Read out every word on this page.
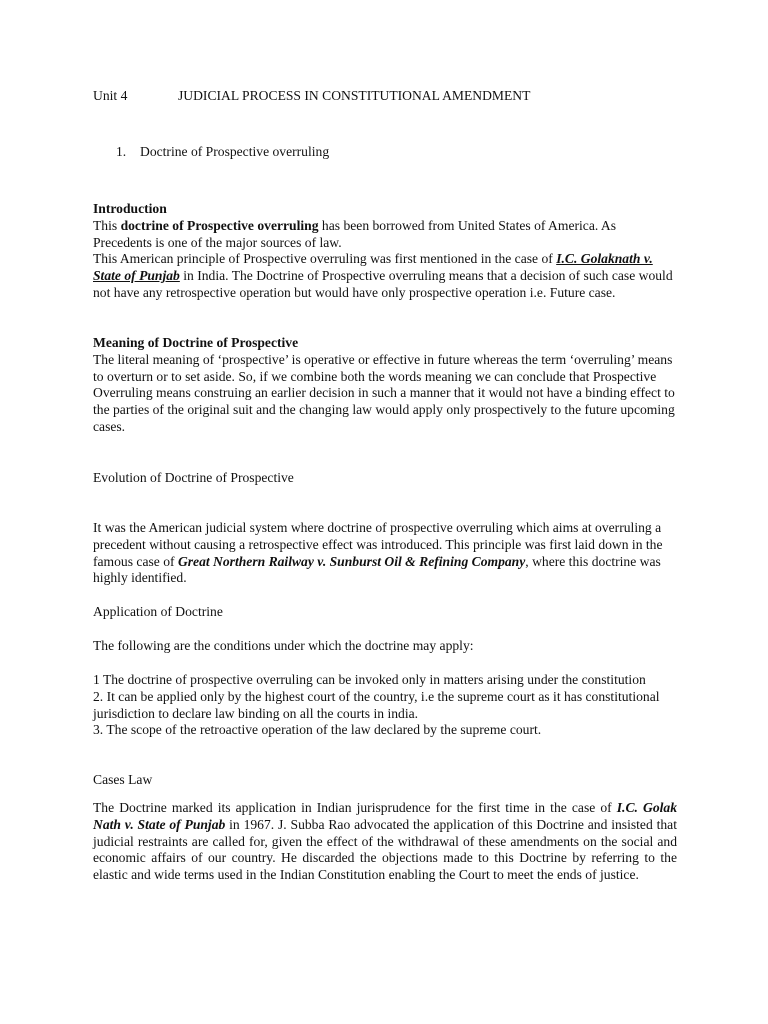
Unit 4	JUDICIAL PROCESS IN CONSTITUTIONAL AMENDMENT
1. Doctrine of Prospective overruling

Introduction

This doctrine of Prospective overruling has been borrowed from United States of America. As Precedents is one of the major sources of law.

This American principle of Prospective overruling was first mentioned in the case of I.C. Golaknath v. State of Punjab in India. The Doctrine of Prospective overruling means that a decision of such case would not have any retrospective operation but would have only prospective operation i.e. Future case.

Meaning of Doctrine of Prospective

The literal meaning of ‘prospective’ is operative or effective in future whereas the term ‘overruling’ means to overturn or to set aside. So, if we combine both the words meaning we can conclude that Prospective Overruling means construing an earlier decision in such a manner that it would not have a binding effect to the parties of the original suit and the changing law would apply only prospectively to the future upcoming cases.

Evolution of Doctrine of Prospective

It was the American judicial system where doctrine of prospective overruling which aims at overruling a precedent without causing a retrospective effect was introduced. This principle was first laid down in the famous case of Great Northern Railway v. Sunburst Oil & Refining Company, where this doctrine was highly identified.

Application of Doctrine
The following are the conditions under which the doctrine may apply:

1 The doctrine of prospective overruling can be invoked only in matters arising under the constitution

2. It can be applied only by the highest court of the country, i.e the supreme court as it has constitutional jurisdiction to declare law binding on all the courts in india.

3. The scope of the retroactive operation of the law declared by the supreme court.

Cases Law

The Doctrine marked its application in Indian jurisprudence for the first time in the case of I.C. Golak Nath v. State of Punjab in 1967. J. Subba Rao advocated the application of this Doctrine and insisted that judicial restraints are called for, given the effect of the withdrawal of these amendments on the social and economic affairs of our country. He discarded the objections made to this Doctrine by referring to the elastic and wide terms used in the Indian Constitution enabling the Court to meet the ends of justice.
